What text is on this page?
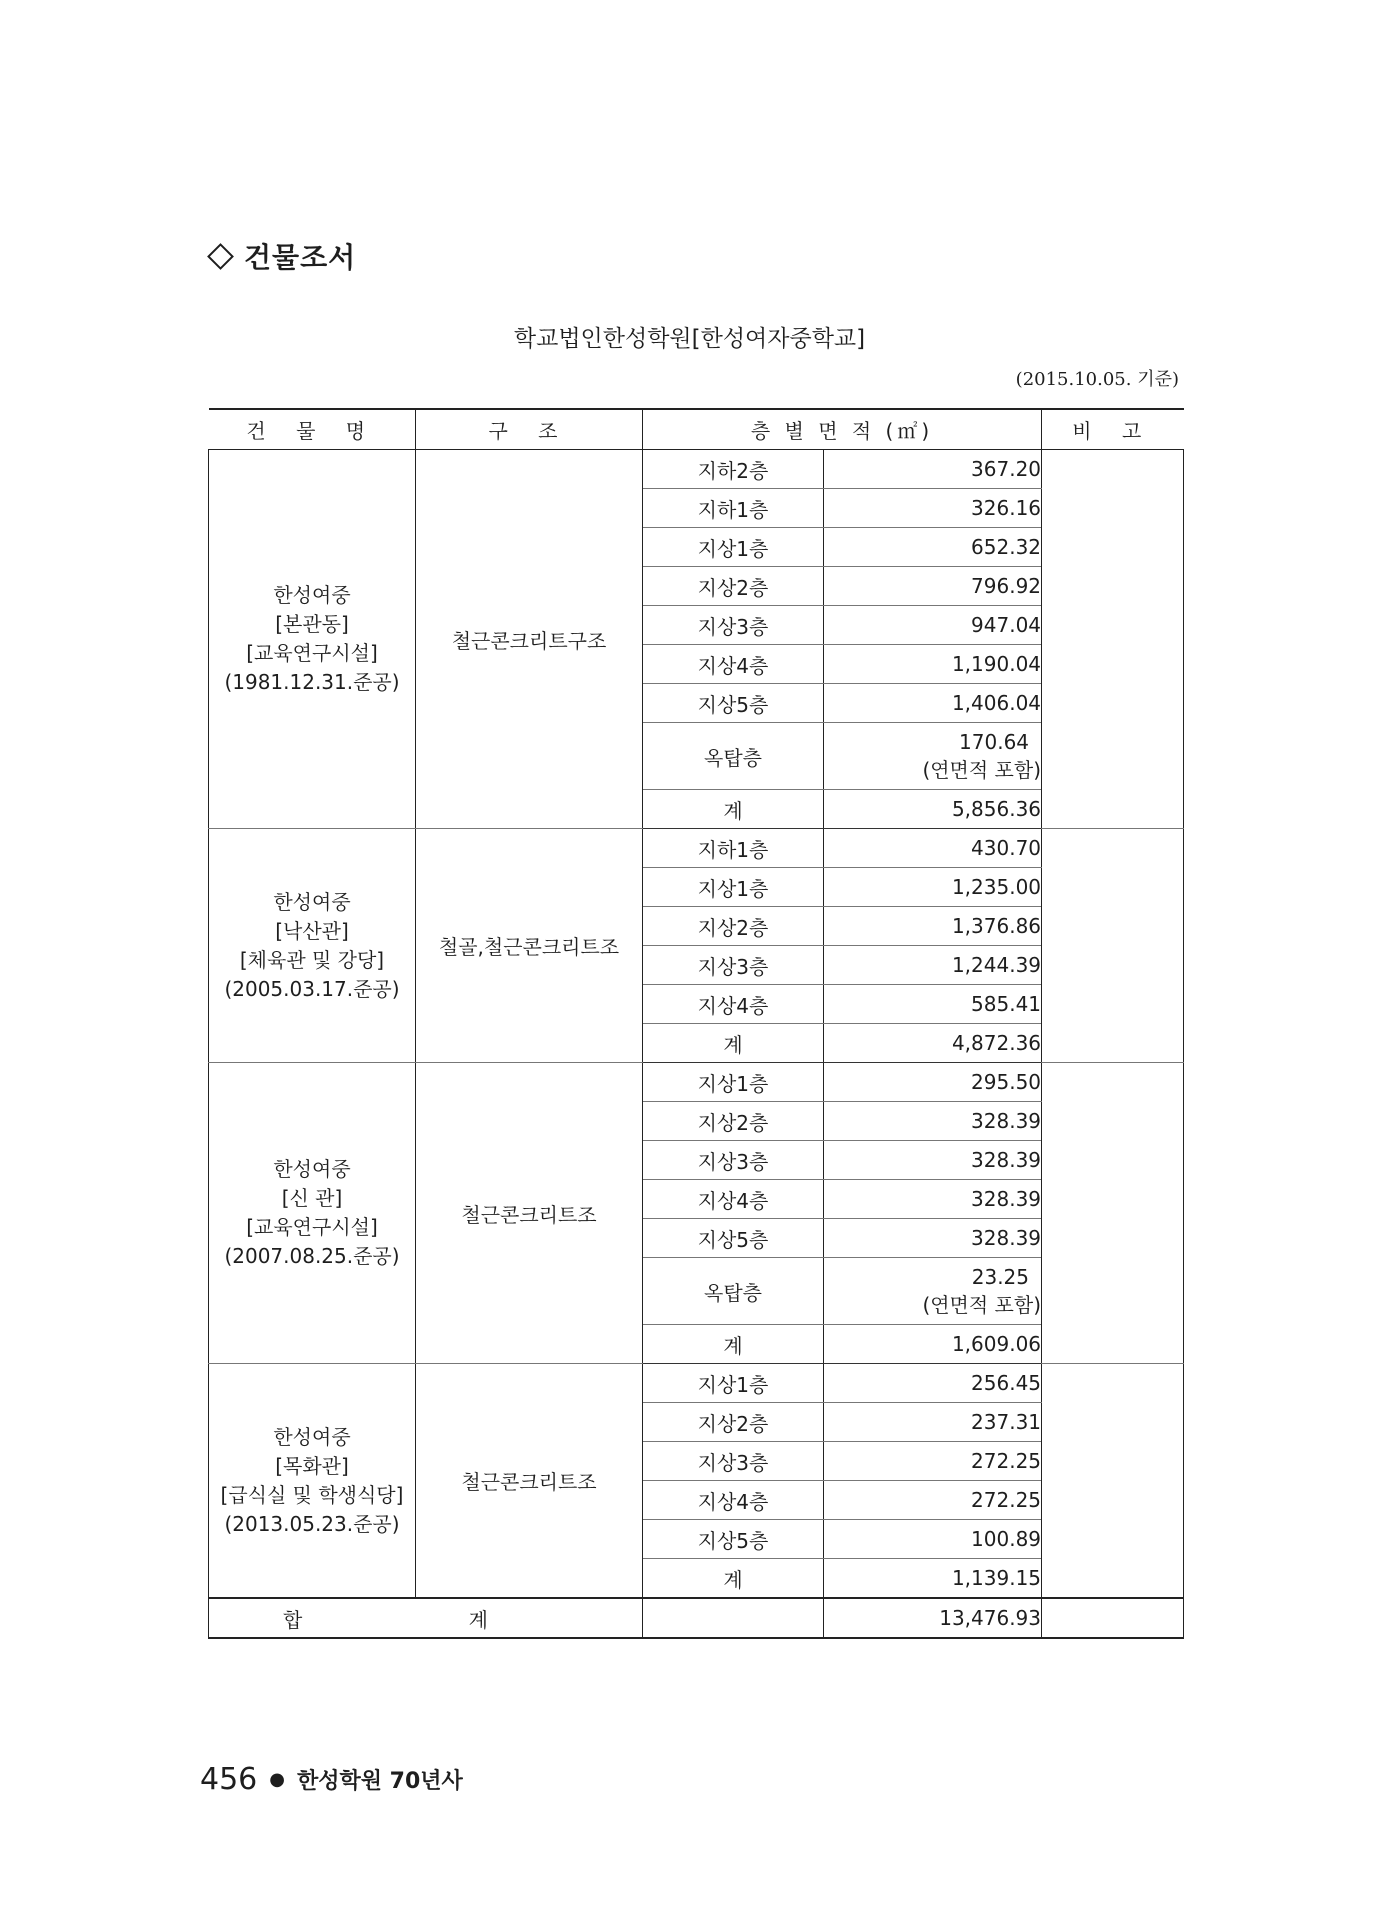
건물조서
학교법인한성학원[한성여자중학교]
(2015.10.05. 기준)
건 물 명	구 조	층 별 면 적 (㎡)		비 고

한성여중
[본관동]
[교육연구시설]
(1981.12.31.준공)	철근콘크리트구조	지하2층	367.20	
		지하1층	326.16	
		지상1층	652.32	
		지상2층	796.92	
		지상3층	947.04	
		지상4층	1,190.04	
		지상5층	1,406.04	
		옥탑층	170.64
(연면적 포함)	

		계	5,856.36	

한성여중
[낙산관]
[체육관 및 강당]
(2005.03.17.준공)	철골,철근콘크리트조	지하1층	430.70	
		지상1층	1,235.00	
		지상2층	1,376.86	
		지상3층	1,244.39	
		지상4층	585.41	
		계	4,872.36	

한성여중
[신 관]
[교육연구시설]
(2007.08.25.준공)	철근콘크리트조	지상1층	295.50	
		지상2층	328.39	
		지상3층	328.39	
		지상4층	328.39	
		지상5층	328.39	
		옥탑층	23.25
(연면적 포함)	

		계	1,609.06	

한성여중
[목화관]
[급식실 및 학생식당]
(2013.05.23.준공)	철근콘크리트조	지상1층	256.45	
		지상2층	237.31	
		지상3층	272.25	
		지상4층	272.25	
		지상5층	100.89	
		계	1,139.15	
합 계			13,476.93	
456 ● 한성학원 70년사
